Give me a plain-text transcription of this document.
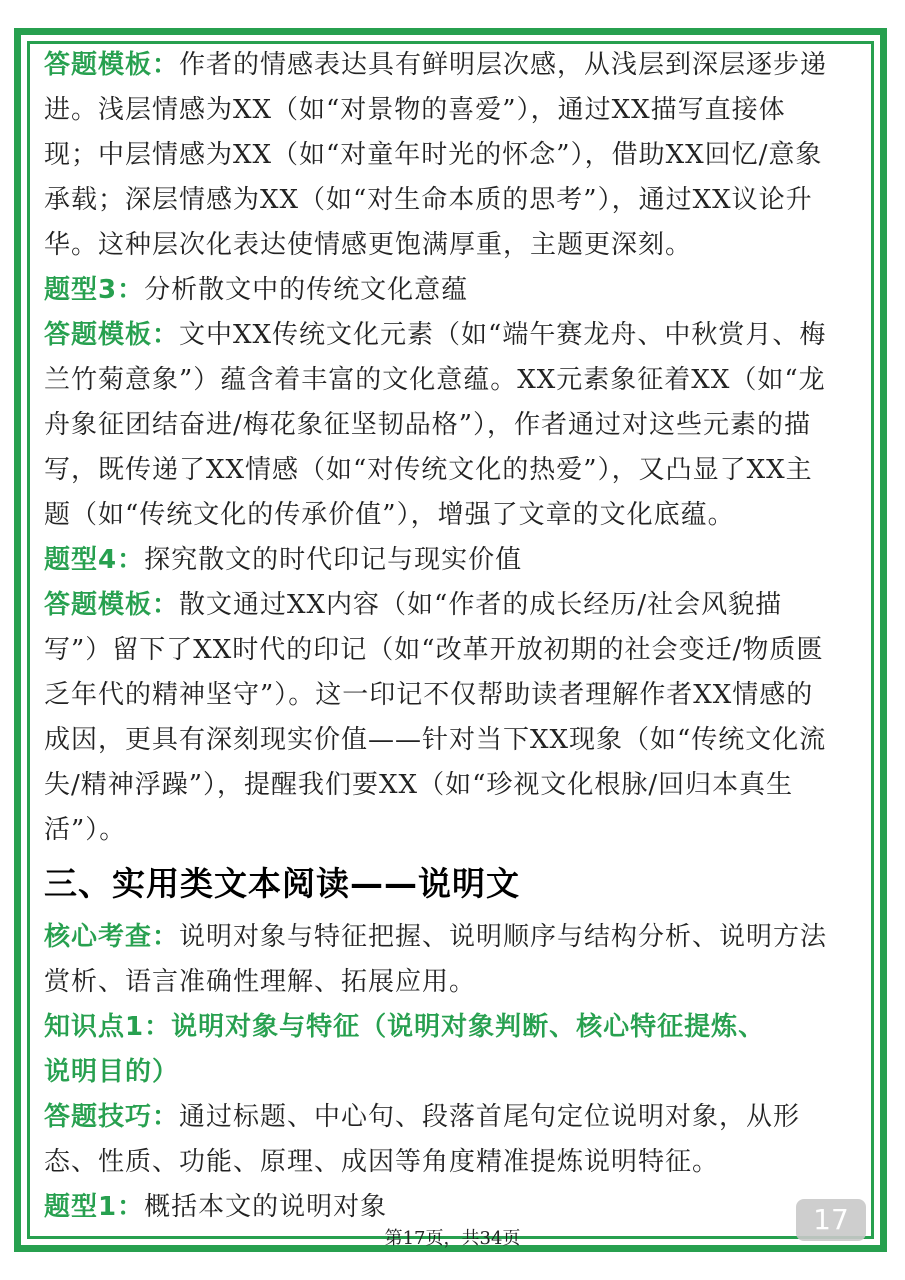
答题模板：作者的情感表达具有鲜明层次感，从浅层到深层逐步递
进。浅层情感为XX（如“对景物的喜爱”），通过XX描写直接体
现；中层情感为XX（如“对童年时光的怀念”），借助XX回忆/意象
承载；深层情感为XX（如“对生命本质的思考”），通过XX议论升
华。这种层次化表达使情感更饱满厚重，主题更深刻。
题型3：分析散文中的传统文化意蕴
答题模板：文中XX传统文化元素（如“端午赛龙舟、中秋赏月、梅
兰竹菊意象”）蕴含着丰富的文化意蕴。XX元素象征着XX（如“龙
舟象征团结奋进/梅花象征坚韧品格”），作者通过对这些元素的描
写，既传递了XX情感（如“对传统文化的热爱”），又凸显了XX主
题（如“传统文化的传承价值”），增强了文章的文化底蕴。
题型4：探究散文的时代印记与现实价值
答题模板：散文通过XX内容（如“作者的成长经历/社会风貌描
写”）留下了XX时代的印记（如“改革开放初期的社会变迁/物质匮
乏年代的精神坚守”）。这一印记不仅帮助读者理解作者XX情感的
成因，更具有深刻现实价值——针对当下XX现象（如“传统文化流
失/精神浮躁”），提醒我们要XX（如“珍视文化根脉/回归本真生
活”）。
三、实用类文本阅读——说明文
核心考查：说明对象与特征把握、说明顺序与结构分析、说明方法
赏析、语言准确性理解、拓展应用。
知识点1：说明对象与特征（说明对象判断、核心特征提炼、
说明目的）
答题技巧：通过标题、中心句、段落首尾句定位说明对象，从形
态、性质、功能、原理、成因等角度精准提炼说明特征。
题型1：概括本文的说明对象	17
第17页，共34页
